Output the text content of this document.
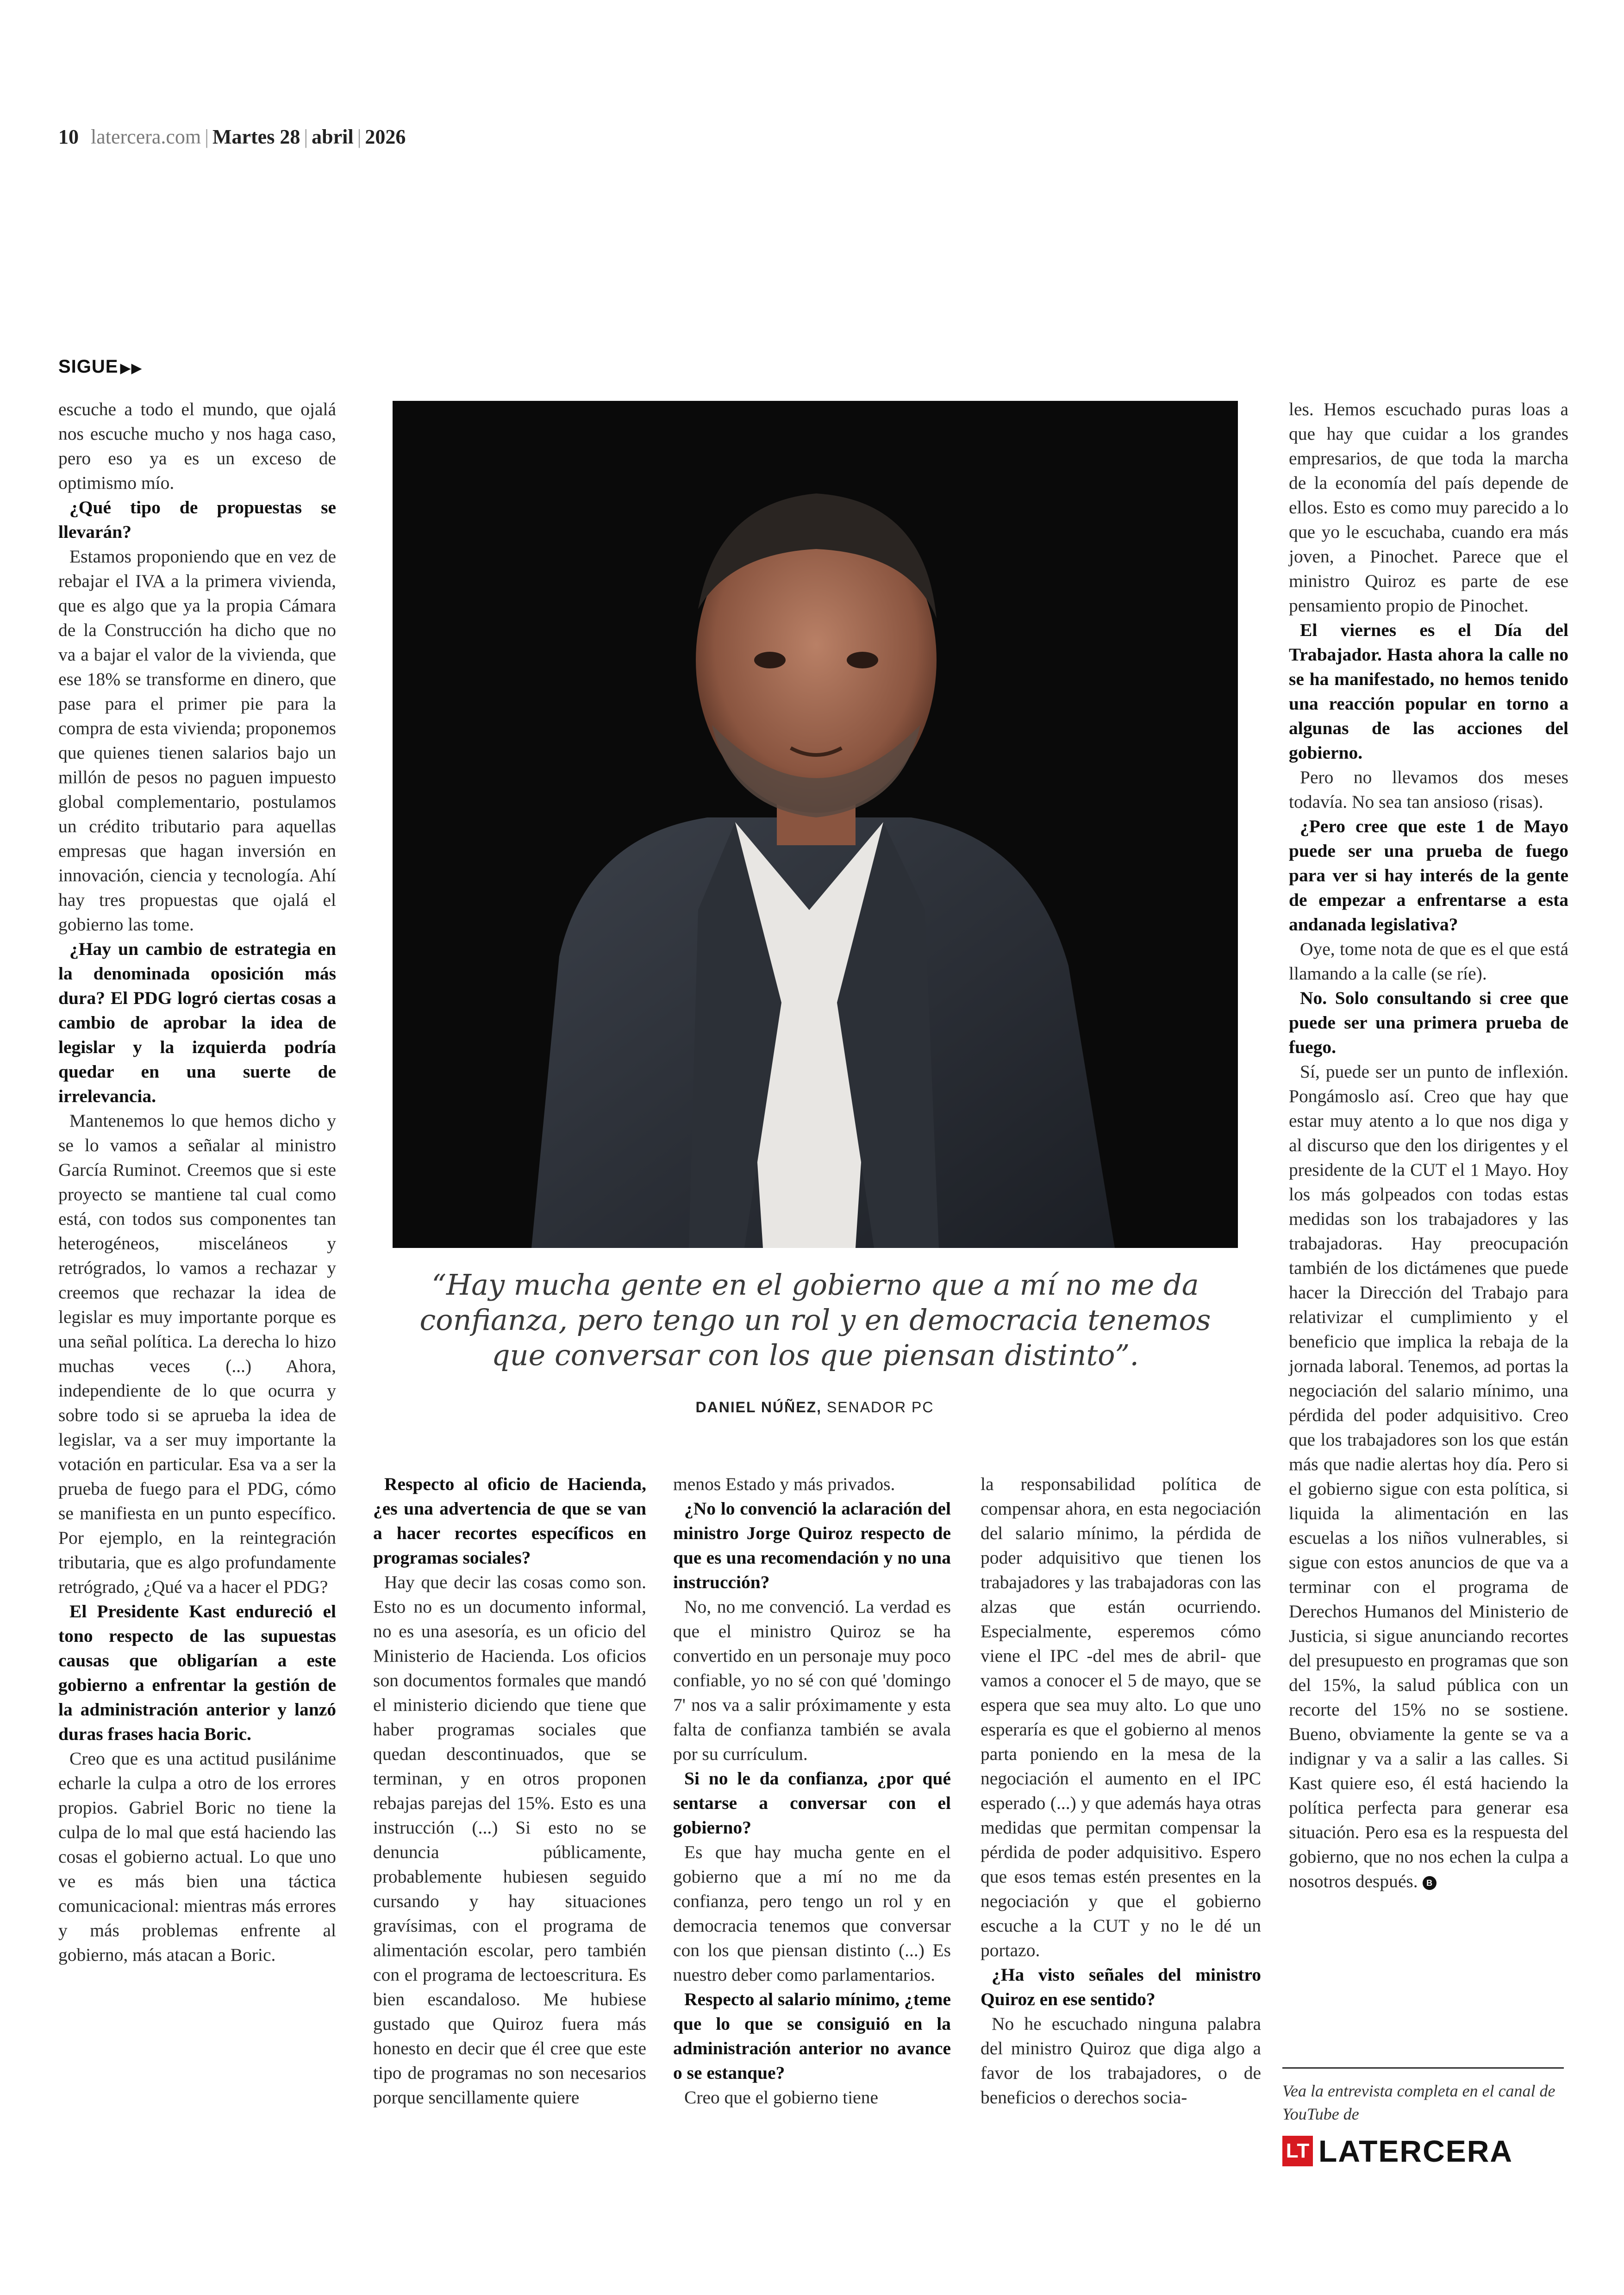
10 latercera.com | Martes 28 | abril | 2026
SIGUE ▶▶

escuche a todo el mundo, que ojalá nos escuche mucho y nos haga caso, pero eso ya es un exceso de optimismo mío.

¿Qué tipo de propuestas se llevarán?

Estamos proponiendo que en vez de rebajar el IVA a la primera vivienda, que es algo que ya la propia Cámara de la Construcción ha dicho que no va a bajar el valor de la vivienda, que ese 18% se transforme en dinero, que pase para el primer pie para la compra de esta vivienda; proponemos que quienes tienen salarios bajo un millón de pesos no paguen impuesto global complementario, postulamos un crédito tributario para aquellas empresas que hagan inversión en innovación, ciencia y tecnología. Ahí hay tres propuestas que ojalá el gobierno las tome.

¿Hay un cambio de estrategia en la denominada oposición más dura? El PDG logró ciertas cosas a cambio de aprobar la idea de legislar y la izquierda podría quedar en una suerte de irrelevancia.

Mantenemos lo que hemos dicho y se lo vamos a señalar al ministro García Ruminot. Creemos que si este proyecto se mantiene tal cual como está, con todos sus componentes tan heterogéneos, misceláneos y retrógrados, lo vamos a rechazar y creemos que rechazar la idea de legislar es muy importante porque es una señal política. La derecha lo hizo muchas veces (...) Ahora, independiente de lo que ocurra y sobre todo si se aprueba la idea de legislar, va a ser muy importante la votación en particular. Esa va a ser la prueba de fuego para el PDG, cómo se manifiesta en un punto específico. Por ejemplo, en la reintegración tributaria, que es algo profundamente retrógrado, ¿Qué va a hacer el PDG?

El Presidente Kast endureció el tono respecto de las supuestas causas que obligarían a este gobierno a enfrentar la gestión de la administración anterior y lanzó duras frases hacia Boric.

Creo que es una actitud pusilánime echarle la culpa a otro de los errores propios. Gabriel Boric no tiene la culpa de lo mal que está haciendo las cosas el gobierno actual. Lo que uno ve es más bien una táctica comunicacional: mientras más errores y más problemas enfrente al gobierno, más atacan a Boric.

Respecto al oficio de Hacienda, ¿es una advertencia de que se van a hacer recortes específicos en programas sociales?

Hay que decir las cosas como son. Esto no es un documento informal, no es una asesoría, es un oficio del Ministerio de Hacienda. Los oficios son documentos formales que mandó el ministerio diciendo que tiene que haber programas sociales que quedan descontinuados, que se terminan, y en otros proponen rebajas parejas del 15%. Esto es una instrucción (...) Si esto no se denuncia públicamente, probablemente hubiesen seguido cursando y hay situaciones gravísimas, con el programa de alimentación escolar, pero también con el programa de lectoescritura. Es bien escandaloso. Me hubiese gustado que Quiroz fuera más honesto en decir que él cree que este tipo de programas no son necesarios porque sencillamente quiere

menos Estado y más privados.

¿No lo convenció la aclaración del ministro Jorge Quiroz respecto de que es una recomendación y no una instrucción?

No, no me convenció. La verdad es que el ministro Quiroz se ha convertido en un personaje muy poco confiable, yo no sé con qué 'domingo 7' nos va a salir próximamente y esta falta de confianza también se avala por su currículum.

Si no le da confianza, ¿por qué sentarse a conversar con el gobierno?

Es que hay mucha gente en el gobierno que a mí no me da confianza, pero tengo un rol y en democracia tenemos que conversar con los que piensan distinto (...) Es nuestro deber como parlamentarios.

Respecto al salario mínimo, ¿teme que lo que se consiguió en la administración anterior no avance o se estanque?

Creo que el gobierno tiene

la responsabilidad política de compensar ahora, en esta negociación del salario mínimo, la pérdida de poder adquisitivo que tienen los trabajadores y las trabajadoras con las alzas que están ocurriendo. Especialmente, esperemos cómo viene el IPC -del mes de abril- que vamos a conocer el 5 de mayo, que se espera que sea muy alto. Lo que uno esperaría es que el gobierno al menos parta poniendo en la mesa de la negociación el aumento en el IPC esperado (...) y que además haya otras medidas que permitan compensar la pérdida de poder adquisitivo. Espero que esos temas estén presentes en la negociación y que el gobierno escuche a la CUT y no le dé un portazo.

¿Ha visto señales del ministro Quiroz en ese sentido?

No he escuchado ninguna palabra del ministro Quiroz que diga algo a favor de los trabajadores, o de beneficios o derechos socia-

les. Hemos escuchado puras loas a que hay que cuidar a los grandes empresarios, de que toda la marcha de la economía del país depende de ellos. Esto es como muy parecido a lo que yo le escuchaba, cuando era más joven, a Pinochet. Parece que el ministro Quiroz es parte de ese pensamiento propio de Pinochet.

El viernes es el Día del Trabajador. Hasta ahora la calle no se ha manifestado, no hemos tenido una reacción popular en torno a algunas de las acciones del gobierno.

Pero no llevamos dos meses todavía. No sea tan ansioso (risas).

¿Pero cree que este 1 de Mayo puede ser una prueba de fuego para ver si hay interés de la gente de empezar a enfrentarse a esta andanada legislativa?

Oye, tome nota de que es el que está llamando a la calle (se ríe).

No. Solo consultando si cree que puede ser una primera prueba de fuego.

Sí, puede ser un punto de inflexión. Pongámoslo así. Creo que hay que estar muy atento a lo que nos diga y al discurso que den los dirigentes y el presidente de la CUT el 1 Mayo. Hoy los más golpeados con todas estas medidas son los trabajadores y las trabajadoras. Hay preocupación también de los dictámenes que puede hacer la Dirección del Trabajo para relativizar el cumplimiento y el beneficio que implica la rebaja de la jornada laboral. Tenemos, ad portas la negociación del salario mínimo, una pérdida del poder adquisitivo. Creo que los trabajadores son los que están más que nadie alertas hoy día. Pero si el gobierno sigue con esta política, si liquida la alimentación en las escuelas a los niños vulnerables, si sigue con estos anuncios de que va a terminar con el programa de Derechos Humanos del Ministerio de Justicia, si sigue anunciando recortes del presupuesto en programas que son del 15%, la salud pública con un recorte del 15% no se sostiene. Bueno, obviamente la gente se va a indignar y va a salir a las calles. Si Kast quiere eso, él está haciendo la política perfecta para generar esa situación. Pero esa es la respuesta del gobierno, que no nos echen la culpa a nosotros después. B

“Hay mucha gente en el gobierno que a mí no me da confianza, pero tengo un rol y en democracia tenemos que conversar con los que piensan distinto”.
DANIEL NÚÑEZ, SENADOR PC
Vea la entrevista completa en el canal de YouTube de
LT LATERCERA
